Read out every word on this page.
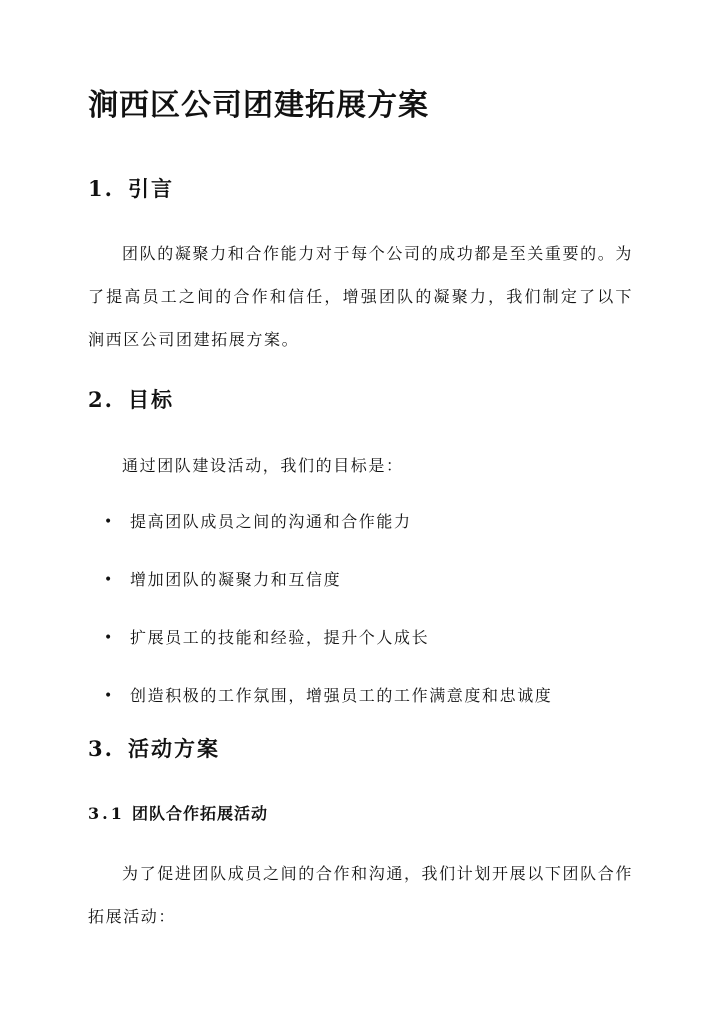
涧西区公司团建拓展方案
1. 引言

团队的凝聚力和合作能力对于每个公司的成功都是至关重要的。为了提高员工之间的合作和信任，增强团队的凝聚力，我们制定了以下涧西区公司团建拓展方案。

2. 目标
通过团队建设活动，我们的目标是：
• 提高团队成员之间的沟通和合作能力
• 增加团队的凝聚力和互信度
• 扩展员工的技能和经验，提升个人成长
• 创造积极的工作氛围，增强员工的工作满意度和忠诚度
3. 活动方案
3.1 团队合作拓展活动

为了促进团队成员之间的合作和沟通，我们计划开展以下团队合作拓展活动：
